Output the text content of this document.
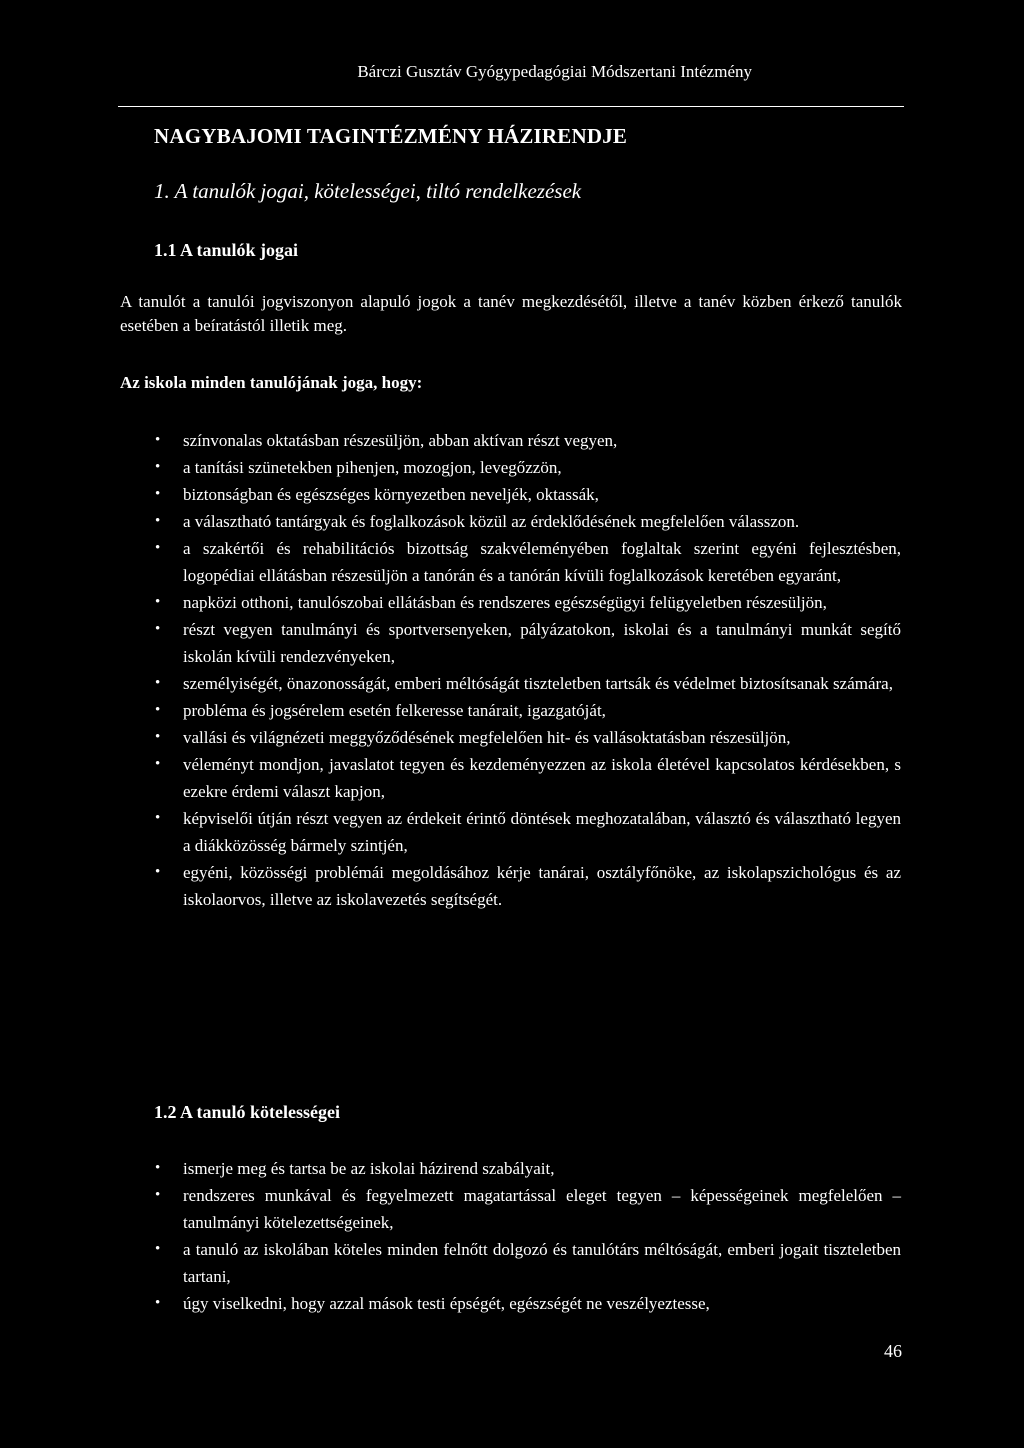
Bárczi Gusztáv Gyógypedagógiai Módszertani Intézmény
NAGYBAJOMI TAGINTÉZMÉNY HÁZIRENDJE
1. A tanulók jogai, kötelességei, tiltó rendelkezések
1.1 A tanulók jogai
A tanulót a tanulói jogviszonyon alapuló jogok a tanév megkezdésétől, illetve a tanév közben érkező tanulók esetében a beíratástól illetik meg.
Az iskola minden tanulójának joga, hogy:
• színvonalas oktatásban részesüljön, abban aktívan részt vegyen,
• a tanítási szünetekben pihenjen, mozogjon, levegőzzön,
• biztonságban és egészséges környezetben neveljék, oktassák,
• a választható tantárgyak és foglalkozások közül az érdeklődésének megfelelően válasszon.
• a szakértői és rehabilitációs bizottság szakvéleményében foglaltak szerint egyéni fejlesztésben, logopédiai ellátásban részesüljön a tanórán és a tanórán kívüli foglalkozások keretében egyaránt,
• napközi otthoni, tanulószobai ellátásban és rendszeres egészségügyi felügyeletben részesüljön,
• részt vegyen tanulmányi és sportversenyeken, pályázatokon, iskolai és a tanulmányi munkát segítő iskolán kívüli rendezvényeken,
• személyiségét, önazonosságát, emberi méltóságát tiszteletben tartsák és védelmet biztosítsanak számára,
• probléma és jogsérelem esetén felkeresse tanárait, igazgatóját,
• vallási és világnézeti meggyőződésének megfelelően hit- és vallásoktatásban részesüljön,
• véleményt mondjon, javaslatot tegyen és kezdeményezzen az iskola életével kapcsolatos kérdésekben, s ezekre érdemi választ kapjon,
• képviselői útján részt vegyen az érdekeit érintő döntések meghozatalában, választó és választható legyen a diákközösség bármely szintjén,
• egyéni, közösségi problémái megoldásához kérje tanárai, osztályfőnöke, az iskolapszichológus és az iskolaorvos, illetve az iskolavezetés segítségét.
1.2 A tanuló kötelességei
• ismerje meg és tartsa be az iskolai házirend szabályait,
• rendszeres munkával és fegyelmezett magatartással eleget tegyen – képességeinek megfelelően – tanulmányi kötelezettségeinek,
• a tanuló az iskolában köteles minden felnőtt dolgozó és tanulótárs méltóságát, emberi jogait tiszteletben tartani,
• úgy viselkedni, hogy azzal mások testi épségét, egészségét ne veszélyeztesse,
46
